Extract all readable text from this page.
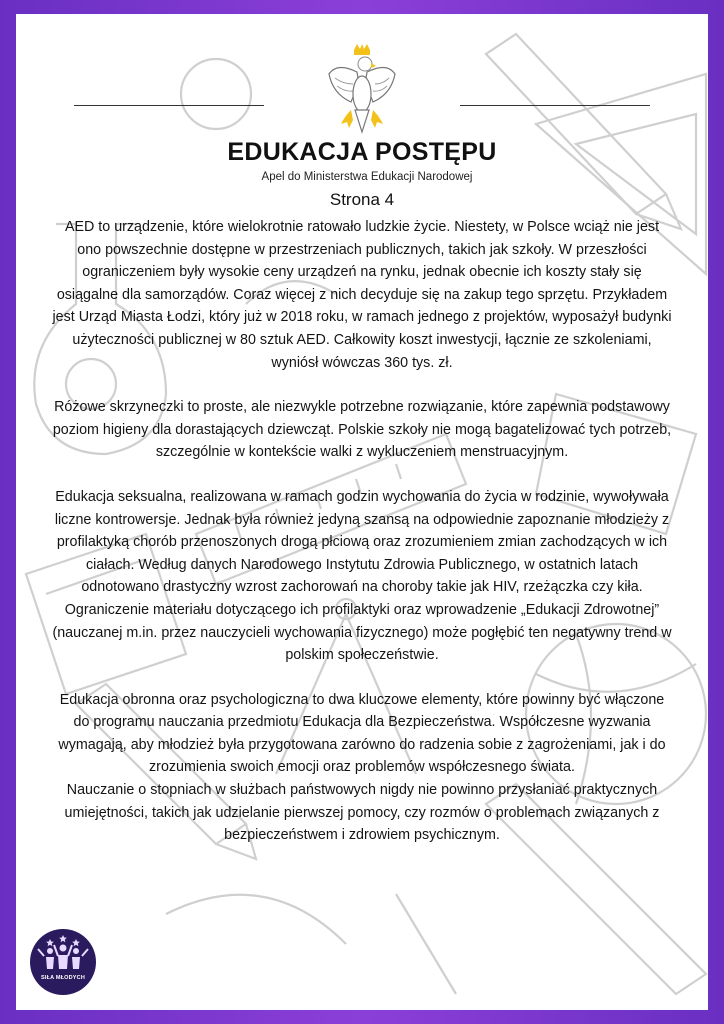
EDUKACJA POSTĘPU
Apel do Ministerstwa Edukacji Narodowej
Strona 4

AED to urządzenie, które wielokrotnie ratowało ludzkie życie. Niestety, w Polsce wciąż nie jest ono powszechnie dostępne w przestrzeniach publicznych, takich jak szkoły. W przeszłości ograniczeniem były wysokie ceny urządzeń na rynku, jednak obecnie ich koszty stały się osiągalne dla samorządów. Coraz więcej z nich decyduje się na zakup tego sprzętu. Przykładem jest Urząd Miasta Łodzi, który już w 2018 roku, w ramach jednego z projektów, wyposażył budynki użyteczności publicznej w 80 sztuk AED. Całkowity koszt inwestycji, łącznie ze szkoleniami, wyniósł wówczas 360 tys. zł.

Różowe skrzyneczki to proste, ale niezwykle potrzebne rozwiązanie, które zapewnia podstawowy poziom higieny dla dorastających dziewcząt. Polskie szkoły nie mogą bagatelizować tych potrzeb, szczególnie w kontekście walki z wykluczeniem menstruacyjnym.

Edukacja seksualna, realizowana w ramach godzin wychowania do życia w rodzinie, wywoływała liczne kontrowersje. Jednak była również jedyną szansą na odpowiednie zapoznanie młodzieży z profilaktyką chorób przenoszonych drogą płciową oraz zrozumieniem zmian zachodzących w ich ciałach. Według danych Narodowego Instytutu Zdrowia Publicznego, w ostatnich latach odnotowano drastyczny wzrost zachorowań na choroby takie jak HIV, rzeżączka czy kiła. Ograniczenie materiału dotyczącego ich profilaktyki oraz wprowadzenie „Edukacji Zdrowotnej” (nauczanej m.in. przez nauczycieli wychowania fizycznego) może pogłębić ten negatywny trend w polskim społeczeństwie.

Edukacja obronna oraz psychologiczna to dwa kluczowe elementy, które powinny być włączone do programu nauczania przedmiotu Edukacja dla Bezpieczeństwa. Współczesne wyzwania wymagają, aby młodzież była przygotowana zarówno do radzenia sobie z zagrożeniami, jak i do zrozumienia swoich emocji oraz problemów współczesnego świata.

Nauczanie o stopniach w służbach państwowych nigdy nie powinno przysłaniać praktycznych umiejętności, takich jak udzielanie pierwszej pomocy, czy rozmów o problemach związanych z bezpieczeństwem i zdrowiem psychicznym.

SIŁA MŁODYCH
